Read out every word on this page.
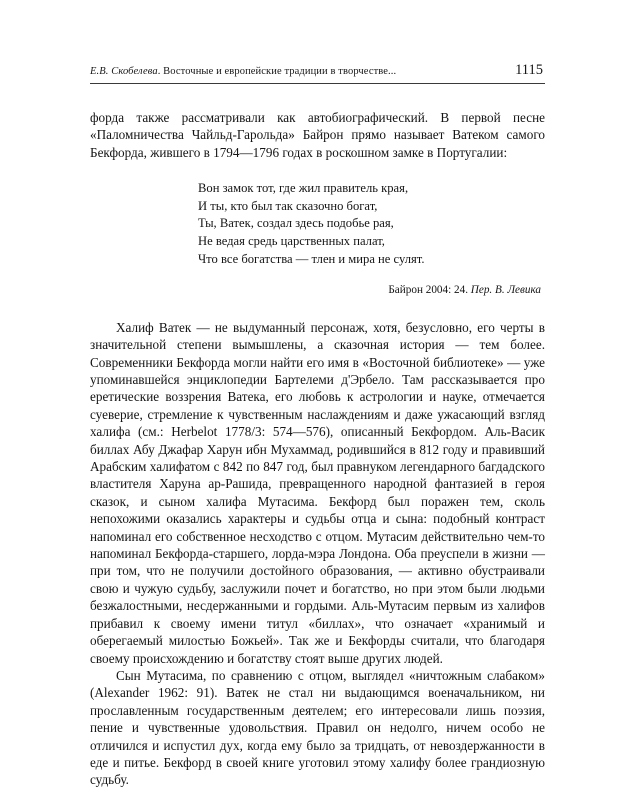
Е.В. Скобелева. Восточные и европейские традиции в творчестве...	1115

форда также рассматривали как автобиографический. В первой песне «Паломничества Чайльд-Гарольда» Байрон прямо называет Ватеком самого Бекфорда, жившего в 1794—1796 годах в роскошном замке в Португалии:

Вон замок тот, где жил правитель края,
И ты, кто был так сказочно богат,
Ты, Ватек, создал здесь подобье рая,
Не ведая средь царственных палат,
Что все богатства — тлен и мира не сулят.
Байрон 2004: 24. Пер. В. Левика

Халиф Ватек — не выдуманный персонаж, хотя, безусловно, его черты в значительной степени вымышлены, а сказочная история — тем более. Современники Бекфорда могли найти его имя в «Восточной библиотеке» — уже упоминавшейся энциклопедии Бартелеми д'Эрбело. Там рассказывается про еретические воззрения Ватека, его любовь к астрологии и науке, отмечается суеверие, стремление к чувственным наслаждениям и даже ужасающий взгляд халифа (см.: Herbelot 1778/3: 574—576), описанный Бекфордом. Аль-Васик биллах Абу Джафар Харун ибн Мухаммад, родившийся в 812 году и правивший Арабским халифатом с 842 по 847 год, был правнуком легендарного багдадского властителя Харуна ар-Рашида, превращенного народной фантазией в героя сказок, и сыном халифа Мутасима. Бекфорд был поражен тем, сколь непохожими оказались характеры и судьбы отца и сына: подобный контраст напоминал его собственное несходство с отцом. Мутасим действительно чем-то напоминал Бекфорда-старшего, лорда-мэра Лондона. Оба преуспели в жизни — при том, что не получили достойного образования, — активно обустраивали свою и чужую судьбу, заслужили почет и богатство, но при этом были людьми безжалостными, несдержанными и гордыми. Аль-Мутасим первым из халифов прибавил к своему имени титул «биллах», что означает «хранимый и оберегаемый милостью Божьей». Так же и Бекфорды считали, что благодаря своему происхождению и богатству стоят выше других людей.

Сын Мутасима, по сравнению с отцом, выглядел «ничтожным слабаком» (Alexander 1962: 91). Ватек не стал ни выдающимся военачальником, ни прославленным государственным деятелем; его интересовали лишь поэзия, пение и чувственные удовольствия. Правил он недолго, ничем особо не отличился и испустил дух, когда ему было за тридцать, от невоздержанности в еде и питье. Бекфорд в своей книге уготовил этому халифу более грандиозную судьбу.
